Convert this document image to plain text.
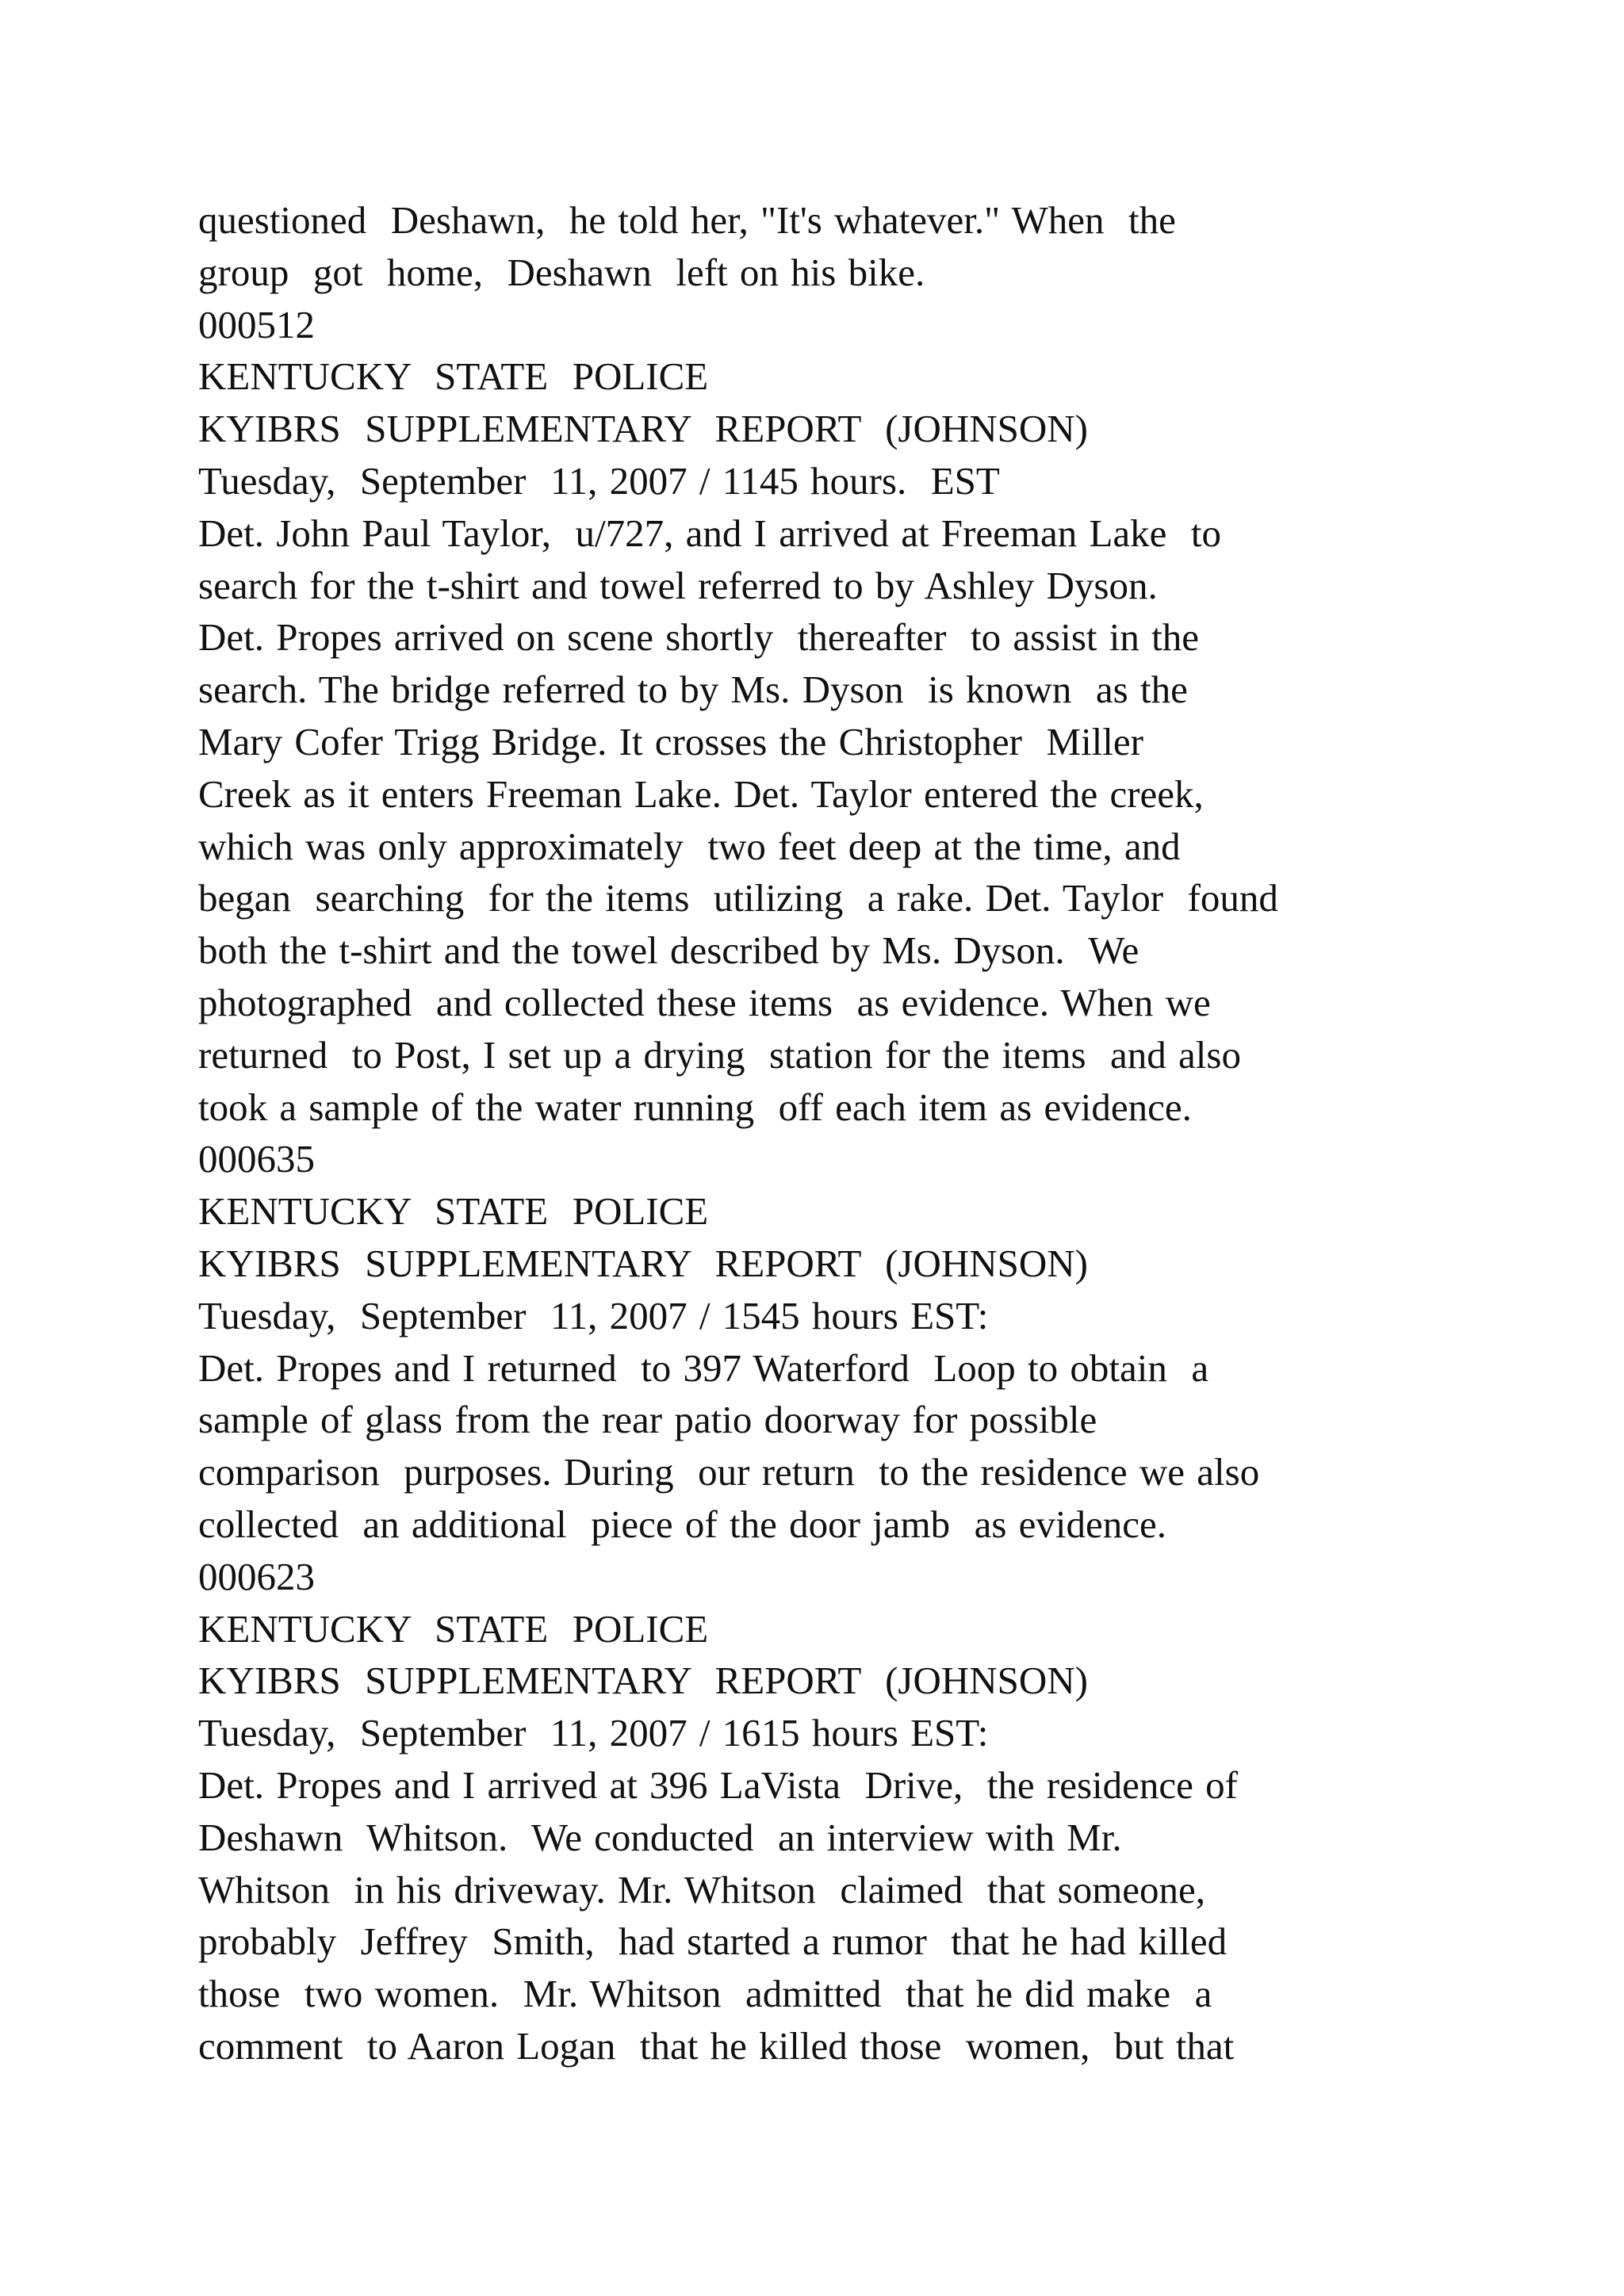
questioned  Deshawn,  he told her, "It's whatever." When  the
group  got  home,  Deshawn  left on his bike.
000512
KENTUCKY  STATE  POLICE
KYIBRS  SUPPLEMENTARY  REPORT  (JOHNSON)
Tuesday,  September  11, 2007 / 1145 hours.  EST
Det. John Paul Taylor,  u/727, and I arrived at Freeman Lake  to
search for the t-shirt and towel referred to by Ashley Dyson.
Det. Propes arrived on scene shortly  thereafter  to assist in the
search. The bridge referred to by Ms. Dyson  is known  as the
Mary Cofer Trigg Bridge. It crosses the Christopher  Miller
Creek as it enters Freeman Lake. Det. Taylor entered the creek,
which was only approximately  two feet deep at the time, and
began  searching  for the items  utilizing  a rake. Det. Taylor  found
both the t-shirt and the towel described by Ms. Dyson.  We
photographed  and collected these items  as evidence. When we
returned  to Post, I set up a drying  station for the items  and also
took a sample of the water running  off each item as evidence.
000635
KENTUCKY  STATE  POLICE
KYIBRS  SUPPLEMENTARY  REPORT  (JOHNSON)
Tuesday,  September  11, 2007 / 1545 hours EST:
Det. Propes and I returned  to 397 Waterford  Loop to obtain  a
sample of glass from the rear patio doorway for possible
comparison  purposes. During  our return  to the residence we also
collected  an additional  piece of the door jamb  as evidence.
000623
KENTUCKY  STATE  POLICE
KYIBRS  SUPPLEMENTARY  REPORT  (JOHNSON)
Tuesday,  September  11, 2007 / 1615 hours EST:
Det. Propes and I arrived at 396 LaVista  Drive,  the residence of
Deshawn  Whitson.  We conducted  an interview with Mr.
Whitson  in his driveway. Mr. Whitson  claimed  that someone,
probably  Jeffrey  Smith,  had started a rumor  that he had killed
those  two women.  Mr. Whitson  admitted  that he did make  a
comment  to Aaron Logan  that he killed those  women,  but that
